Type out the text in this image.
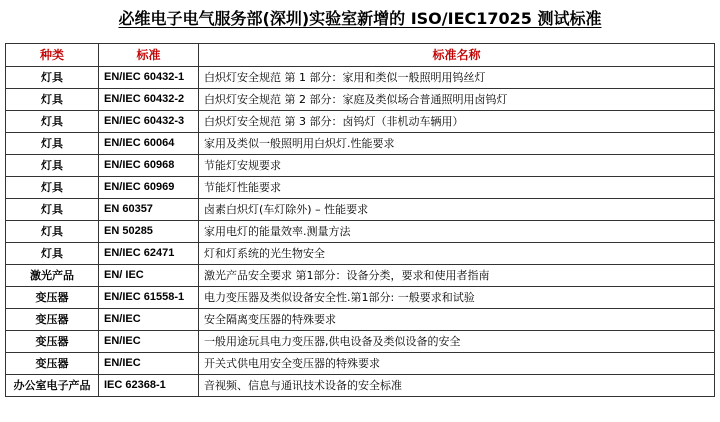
必维电子电气服务部(深圳)实验室新增的 ISO/IEC17025 测试标准
种类	标准	标准名称
灯具	EN/IEC 60432-1	白炽灯安全规范 第 1 部分：家用和类似一般照明用钨丝灯
灯具	EN/IEC 60432-2	白炽灯安全规范 第 2 部分：家庭及类似场合普通照明用卤钨灯
灯具	EN/IEC 60432-3	白炽灯安全规范 第 3 部分：卤钨灯（非机动车辆用）
灯具	EN/IEC 60064	家用及类似一般照明用白炽灯.性能要求
灯具	EN/IEC 60968	节能灯安规要求
灯具	EN/IEC 60969	节能灯性能要求
灯具	EN 60357	卤素白炽灯(车灯除外) – 性能要求
灯具	EN 50285	家用电灯的能量效率.测量方法
灯具	EN/IEC 62471	灯和灯系统的光生物安全
激光产品	EN/ IEC	激光产品安全要求 第1部分：设备分类，要求和使用者指南
变压器	EN/IEC 61558-1	电力变压器及类似设备安全性.第1部分: 一般要求和试验
变压器	EN/IEC	安全隔离变压器的特殊要求
变压器	EN/IEC	一般用途玩具电力变压器,供电设备及类似设备的安全
变压器	EN/IEC	开关式供电用安全变压器的特殊要求
办公室电子产品	IEC 62368-1	音视频、信息与通讯技术设备的安全标准
